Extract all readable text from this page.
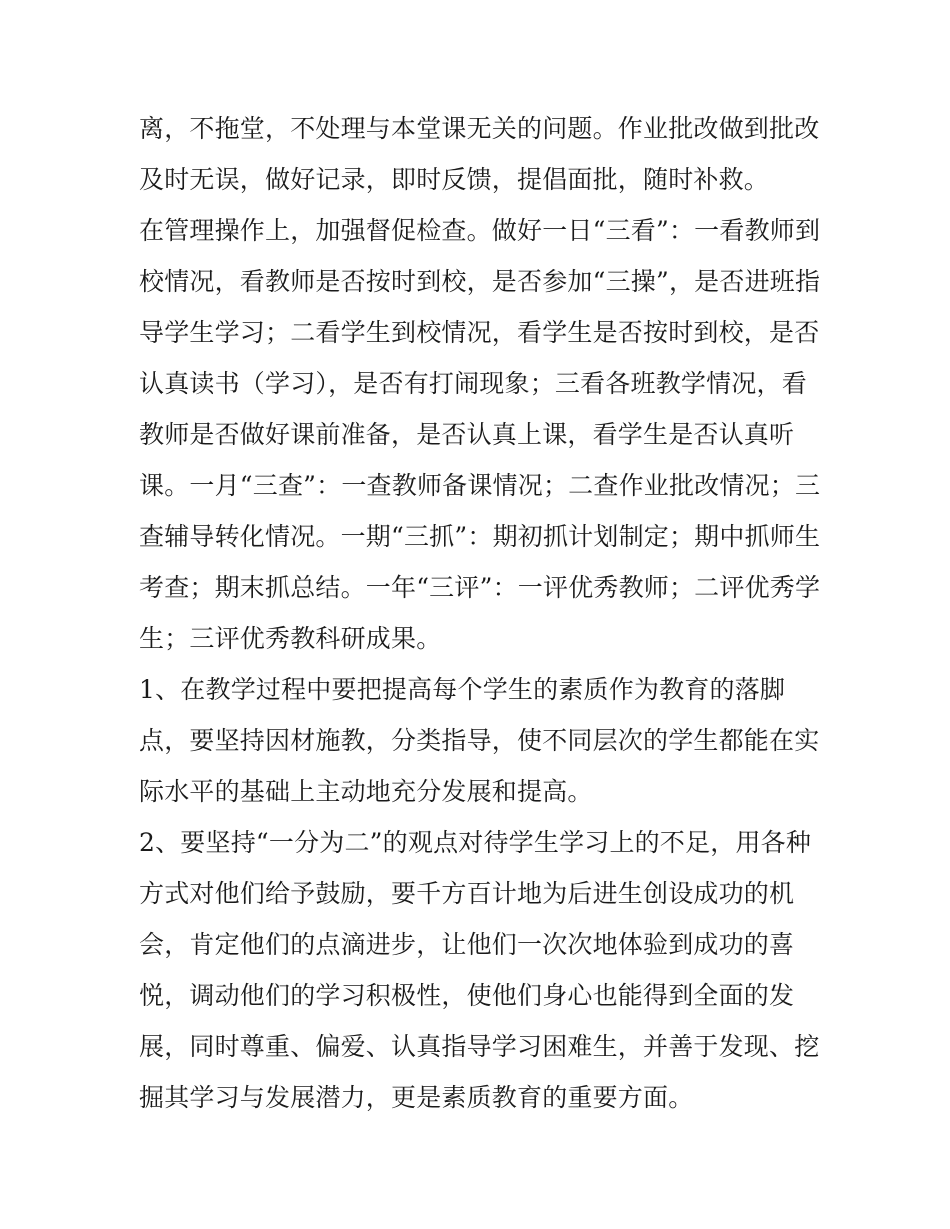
离，不拖堂，不处理与本堂课无关的问题。作业批改做到批改
及时无误，做好记录，即时反馈，提倡面批，随时补救。
在管理操作上，加强督促检查。做好一日“三看”：一看教师到
校情况，看教师是否按时到校，是否参加“三操”，是否进班指
导学生学习；二看学生到校情况，看学生是否按时到校，是否
认真读书（学习），是否有打闹现象；三看各班教学情况，看
教师是否做好课前准备，是否认真上课，看学生是否认真听
课。一月“三查”：一查教师备课情况；二查作业批改情况；三
查辅导转化情况。一期“三抓”：期初抓计划制定；期中抓师生
考查；期末抓总结。一年“三评”：一评优秀教师；二评优秀学
生；三评优秀教科研成果。
1、在教学过程中要把提高每个学生的素质作为教育的落脚
点，要坚持因材施教，分类指导，使不同层次的学生都能在实
际水平的基础上主动地充分发展和提高。
2、要坚持“一分为二”的观点对待学生学习上的不足，用各种
方式对他们给予鼓励，要千方百计地为后进生创设成功的机
会，肯定他们的点滴进步，让他们一次次地体验到成功的喜
悦，调动他们的学习积极性，使他们身心也能得到全面的发
展，同时尊重、偏爱、认真指导学习困难生，并善于发现、挖
掘其学习与发展潜力，更是素质教育的重要方面。
